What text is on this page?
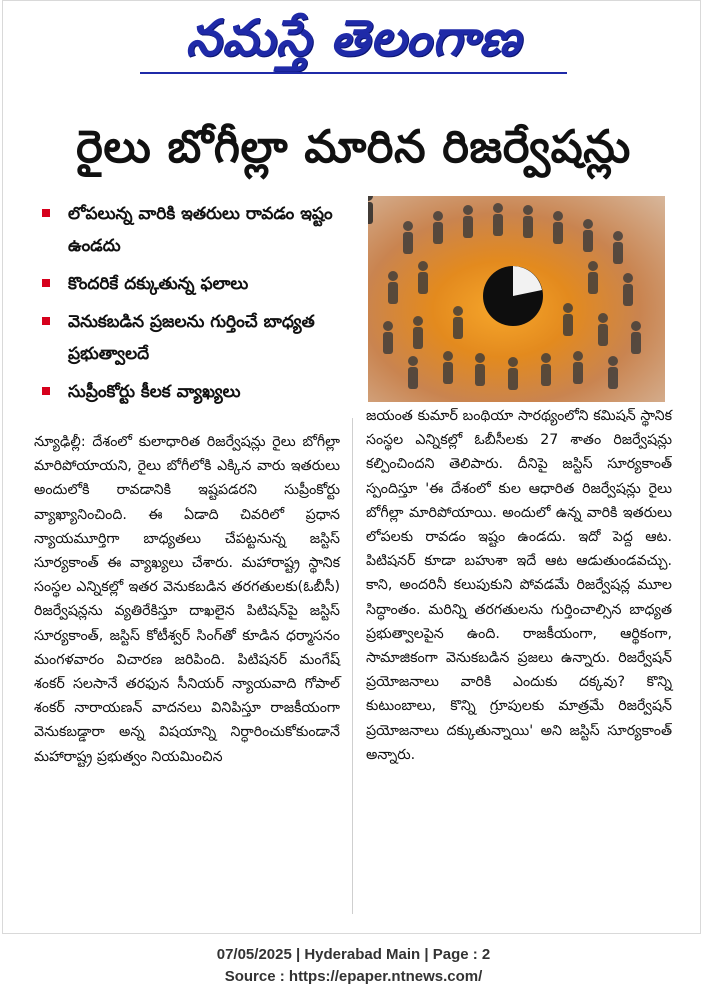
నమస్తే తెలంగాణ
రైలు బోగీల్లా మారిన రిజర్వేషన్లు
లోపలున్న వారికి ఇతరులు రావడం ఇష్టం ఉండదు
కొందరికే దక్కుతున్న ఫలాలు
వెనుకబడిన ప్రజలను గుర్తించే బాధ్యత ప్రభుత్వాలదే
సుప్రీంకోర్టు కీలక వ్యాఖ్యలు

న్యూఢిల్లీ: దేశంలో కులాధారిత రిజర్వేషన్లు రైలు బోగీల్లా మారిపోయాయని, రైలు బోగీలోకి ఎక్కిన వారు ఇతరులు అందులోకి రావడానికి ఇష్టపడరని సుప్రీంకోర్టు వ్యాఖ్యానించింది. ఈ ఏడాది చివరిలో ప్రధాన న్యాయమూర్తిగా బాధ్యతలు చేపట్టనున్న జస్టిస్ సూర్యకాంత్ ఈ వ్యాఖ్యలు చేశారు. మహారాష్ట్ర స్థానిక సంస్థల ఎన్నికల్లో ఇతర వెనుకబడిన తరగతులకు(ఓబీసీ) రిజర్వేషన్లను వ్యతిరేకిస్తూ దాఖలైన పిటిషన్‌పై జస్టిస్ సూర్యకాంత్, జస్టిస్ కోటీశ్వర్ సింగ్‌తో కూడిన ధర్మాసనం మంగళవారం విచారణ జరిపింది. పిటిషనర్ మంగేష్ శంకర్ సలసానే తరఫున సీనియర్ న్యాయవాది గోపాల్ శంకర్ నారాయణన్ వాదనలు వినిపిస్తూ రాజకీయంగా వెనుకబడ్డారా అన్న విషయాన్ని నిర్ధారించుకోకుండానే మహారాష్ట్ర ప్రభుత్వం నియమించిన

జయంత కుమార్ బంథియా సారథ్యంలోని కమిషన్ స్థానిక సంస్థల ఎన్నికల్లో ఓబీసీలకు 27 శాతం రిజర్వేషన్లు కల్పించిందని తెలిపారు. దీనిపై జస్టిస్ సూర్యకాంత్ స్పందిస్తూ 'ఈ దేశంలో కుల ఆధారిత రిజర్వేషన్లు రైలు బోగీల్లా మారిపోయాయి. అందులో ఉన్న వారికి ఇతరులు లోపలకు రావడం ఇష్టం ఉండదు. ఇదో పెద్ద ఆట. పిటిషనర్ కూడా బహుశా ఇదే ఆట ఆడుతుండవచ్చు. కాని, అందరినీ కలుపుకుని పోవడమే రిజర్వేషన్ల మూల సిద్ధాంతం. మరిన్ని తరగతులను గుర్తించాల్సిన బాధ్యత ప్రభుత్వాలపైన ఉంది. రాజకీయంగా, ఆర్థికంగా, సామాజికంగా వెనుకబడిన ప్రజలు ఉన్నారు. రిజర్వేషన్ ప్రయోజనాలు వారికి ఎందుకు దక్కవు? కొన్ని కుటుంబాలు, కొన్ని గ్రూపులకు మాత్రమే రిజర్వేషన్ ప్రయోజనాలు దక్కుతున్నాయి' అని జస్టిస్ సూర్యకాంత్ అన్నారు.

07/05/2025 | Hyderabad Main | Page : 2
Source : https://epaper.ntnews.com/
